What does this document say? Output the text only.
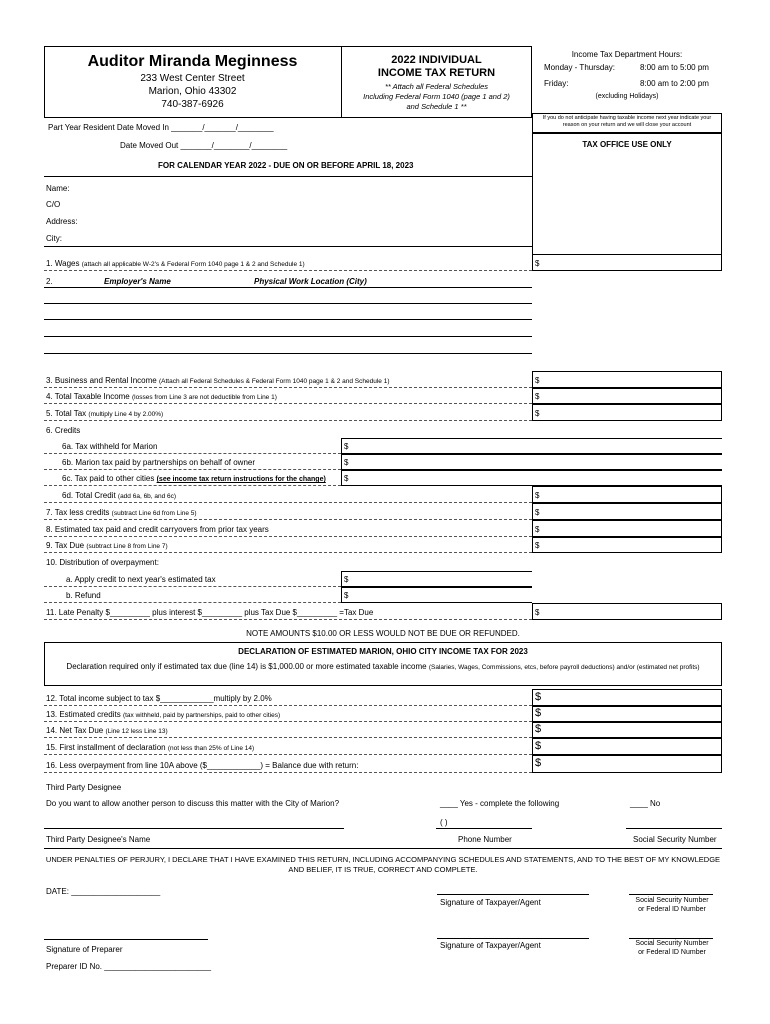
Auditor Miranda Meginness
233 West Center Street
Marion, Ohio 43302
740-387-6926
2022 INDIVIDUAL
INCOME TAX RETURN
** Attach all Federal Schedules
Including Federal Form 1040 (page 1 and 2)
and Schedule 1 **
Income Tax Department Hours:
Monday - Thursday:	8:00 am to 5:00 pm
Friday:	8:00 am to 2:00 pm
(excluding Holidays)
If you do not anticipate having taxable income next year indicate your reason on your return and we will close your account
TAX OFFICE USE ONLY
Part Year Resident Date Moved In _______/_______/________
Date Moved Out _______/________/________
FOR CALENDAR YEAR 2022 - DUE ON OR BEFORE APRIL 18, 2023
Name:
C/O
Address:
City:
1. Wages (attach all applicable W-2's & Federal Form 1040 page 1 & 2 and Schedule 1)	$
2.	Employer's Name	Physical Work Location (City)
3. Business and Rental Income (Attach all Federal Schedules & Federal Form 1040 page 1 & 2 and Schedule 1)	$
4. Total Taxable Income (losses from Line 3 are not deductible from Line 1)	$
5. Total Tax (multiply Line 4 by 2.00%)	$
6. Credits
6a. Tax withheld for Marion	$
6b. Marion tax paid by partnerships on behalf of owner	$
6c. Tax paid to other cities (see income tax return instructions for the change) $
6d. Total Credit (add 6a, 6b, and 6c)	$
7. Tax less credits (subtract Line 6d from Line 5)	$
8. Estimated tax paid and credit carryovers from prior tax years	$
9. Tax Due (subtract Line 8 from Line 7)	$
10. Distribution of overpayment:
a. Apply credit to next year's estimated tax	$
b. Refund	$
11. Late Penalty $_________ plus interest $_________ plus Tax Due $_________ =Tax Due	$
NOTE AMOUNTS $10.00 OR LESS WOULD NOT BE DUE OR REFUNDED.
DECLARATION OF ESTIMATED MARION, OHIO CITY INCOME TAX FOR 2023
Declaration required only if estimated tax due (line 14) is $1,000.00 or more estimated taxable income (Salaries, Wages, Commissions, etcs, before payroll deductions) and/or (estimated net profits)
12. Total income subject to tax $____________multiply by 2.0%	$
13. Estimated credits (tax withheld, paid by partnerships, paid to other cities)	$
14. Net Tax Due (Line 12 less Line 13)	$
15. First installment of declaration (not less than 25% of Line 14)	$
16. Less overpayment from line 10A above ($____________) = Balance due with return:	$
Third Party Designee
Do you want to allow another person to discuss this matter with the City of Marion?	____ Yes - complete the following	____ No
( )
Third Party Designee's Name	Phone Number	Social Security Number
UNDER PENALTIES OF PERJURY, I DECLARE THAT I HAVE EXAMINED THIS RETURN, INCLUDING ACCOMPANYING SCHEDULES AND STATEMENTS, AND TO THE BEST OF MY KNOWLEDGE AND BELIEF, IT IS TRUE, CORRECT AND COMPLETE.
DATE: ____________________
Signature of Taxpayer/Agent	Social Security Number
or Federal ID Number
Signature of Taxpayer/Agent	Social Security Number
or Federal ID Number
Signature of Preparer
Preparer ID No. ________________________
